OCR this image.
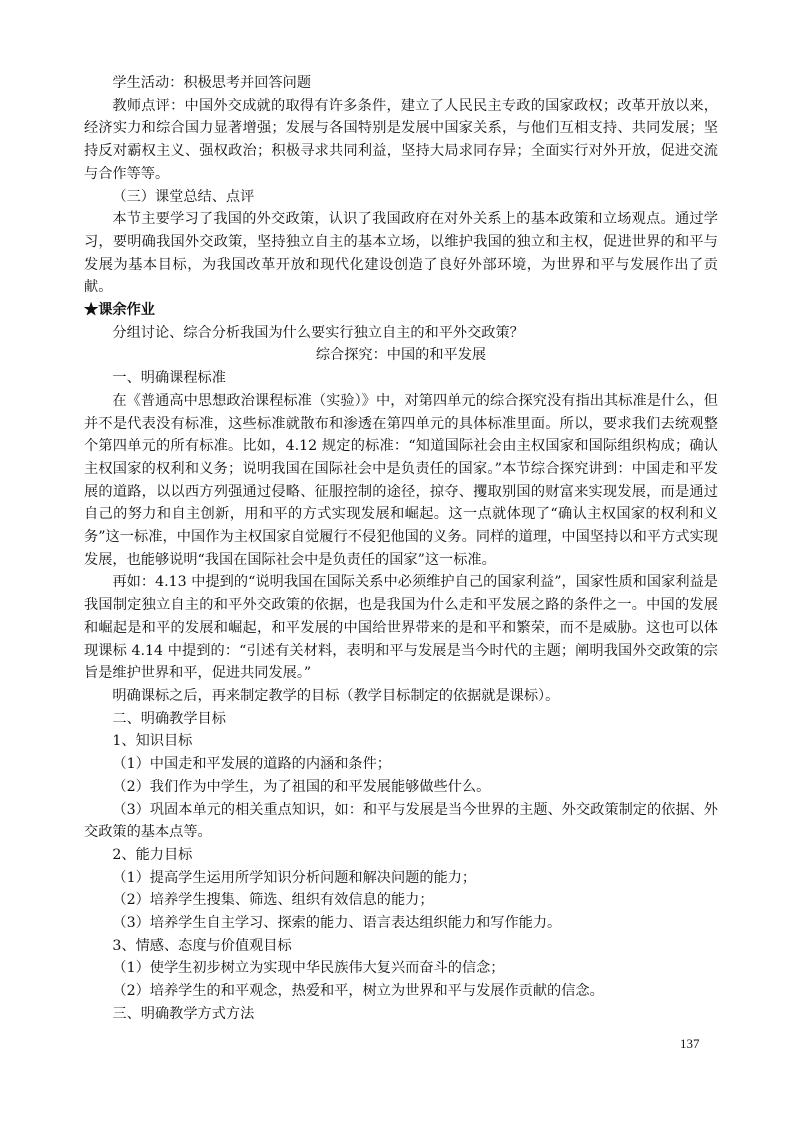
学生活动：积极思考并回答问题

教师点评：中国外交成就的取得有许多条件，建立了人民民主专政的国家政权；改革开放以来，经济实力和综合国力显著增强；发展与各国特别是发展中国家关系，与他们互相支持、共同发展；坚持反对霸权主义、强权政治；积极寻求共同利益，坚持大局求同存异；全面实行对外开放，促进交流与合作等等。

（三）课堂总结、点评

本节主要学习了我国的外交政策，认识了我国政府在对外关系上的基本政策和立场观点。通过学习，要明确我国外交政策，坚持独立自主的基本立场，以维护我国的独立和主权，促进世界的和平与发展为基本目标，为我国改革开放和现代化建设创造了良好外部环境，为世界和平与发展作出了贡献。

★课余作业

分组讨论、综合分析我国为什么要实行独立自主的和平外交政策？

综合探究：中国的和平发展

一、明确课程标准

在《普通高中思想政治课程标准（实验）》中，对第四单元的综合探究没有指出其标准是什么，但并不是代表没有标准，这些标准就散布和渗透在第四单元的具体标准里面。所以，要求我们去统观整个第四单元的所有标准。比如，4.12 规定的标准：“知道国际社会由主权国家和国际组织构成；确认主权国家的权利和义务；说明我国在国际社会中是负责任的国家。”本节综合探究讲到：中国走和平发展的道路，以以西方列强通过侵略、征服控制的途径，掠夺、攫取别国的财富来实现发展，而是通过自己的努力和自主创新，用和平的方式实现发展和崛起。这一点就体现了“确认主权国家的权利和义务”这一标准，中国作为主权国家自觉履行不侵犯他国的义务。同样的道理，中国坚持以和平方式实现发展，也能够说明“我国在国际社会中是负责任的国家”这一标准。

再如：4.13 中提到的“说明我国在国际关系中必须维护自己的国家利益”，国家性质和国家利益是我国制定独立自主的和平外交政策的依据，也是我国为什么走和平发展之路的条件之一。中国的发展和崛起是和平的发展和崛起，和平发展的中国给世界带来的是和平和繁荣，而不是威胁。这也可以体现课标 4.14 中提到的：“引述有关材料，表明和平与发展是当今时代的主题；阐明我国外交政策的宗旨是维护世界和平，促进共同发展。”

明确课标之后，再来制定教学的目标（教学目标制定的依据就是课标）。

二、明确教学目标

1、知识目标

（1）中国走和平发展的道路的内涵和条件；

（2）我们作为中学生，为了祖国的和平发展能够做些什么。

（3）巩固本单元的相关重点知识，如：和平与发展是当今世界的主题、外交政策制定的依据、外交政策的基本点等。

2、能力目标

（1）提高学生运用所学知识分析问题和解决问题的能力；

（2）培养学生搜集、筛选、组织有效信息的能力；

（3）培养学生自主学习、探索的能力、语言表达组织能力和写作能力。

3、情感、态度与价值观目标

（1）使学生初步树立为实现中华民族伟大复兴而奋斗的信念；

（2）培养学生的和平观念，热爱和平，树立为世界和平与发展作贡献的信念。

三、明确教学方式方法

137
